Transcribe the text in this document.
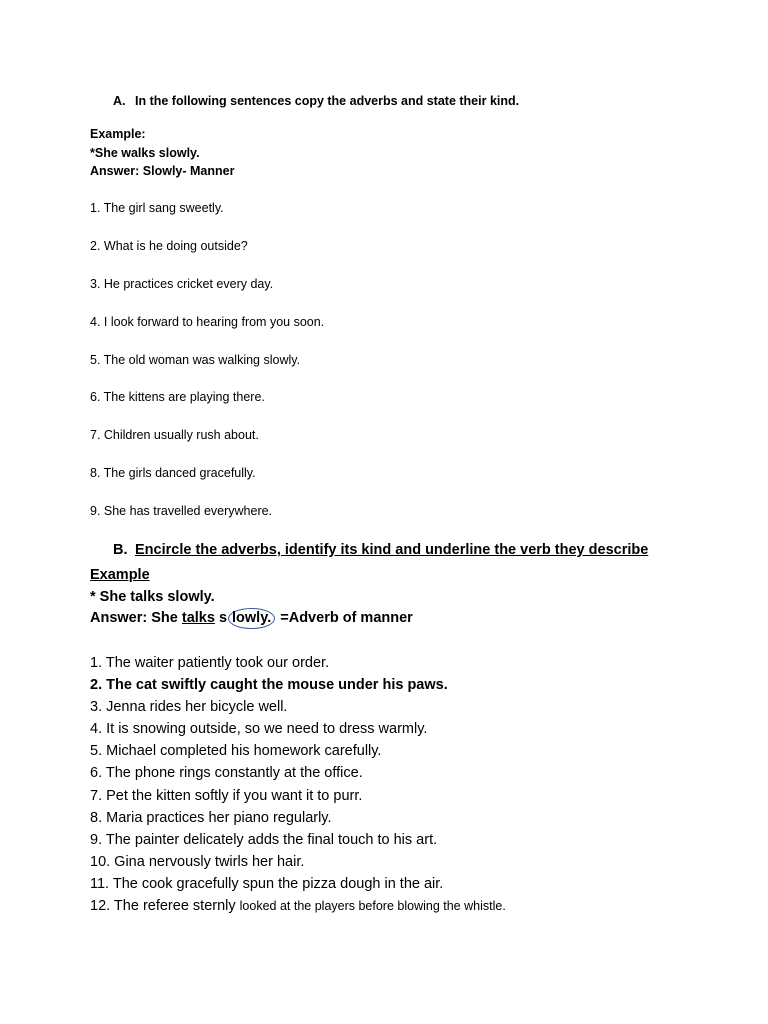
A. In the following sentences copy the adverbs and state their kind.
Example:
*She walks slowly.
Answer: Slowly- Manner
1. The girl sang sweetly.
2. What is he doing outside?
3. He practices cricket every day.
4. I look forward to hearing from you soon.
5. The old woman was walking slowly.
6. The kittens are playing there.
7. Children usually rush about.
8. The girls danced gracefully.
9. She has travelled everywhere.
B. Encircle the adverbs, identify its kind and underline the verb they describe
Example
* She talks slowly.
Answer: She talks s lowly. =Adverb of manner
1. The waiter patiently took our order.
2. The cat swiftly caught the mouse under his paws.
3. Jenna rides her bicycle well.
4. It is snowing outside, so we need to dress warmly.
5. Michael completed his homework carefully.
6. The phone rings constantly at the office.
7. Pet the kitten softly if you want it to purr.
8. Maria practices her piano regularly.
9. The painter delicately adds the final touch to his art.
10. Gina nervously twirls her hair.
11. The cook gracefully spun the pizza dough in the air.
12. The referee sternly looked at the players before blowing the whistle.
